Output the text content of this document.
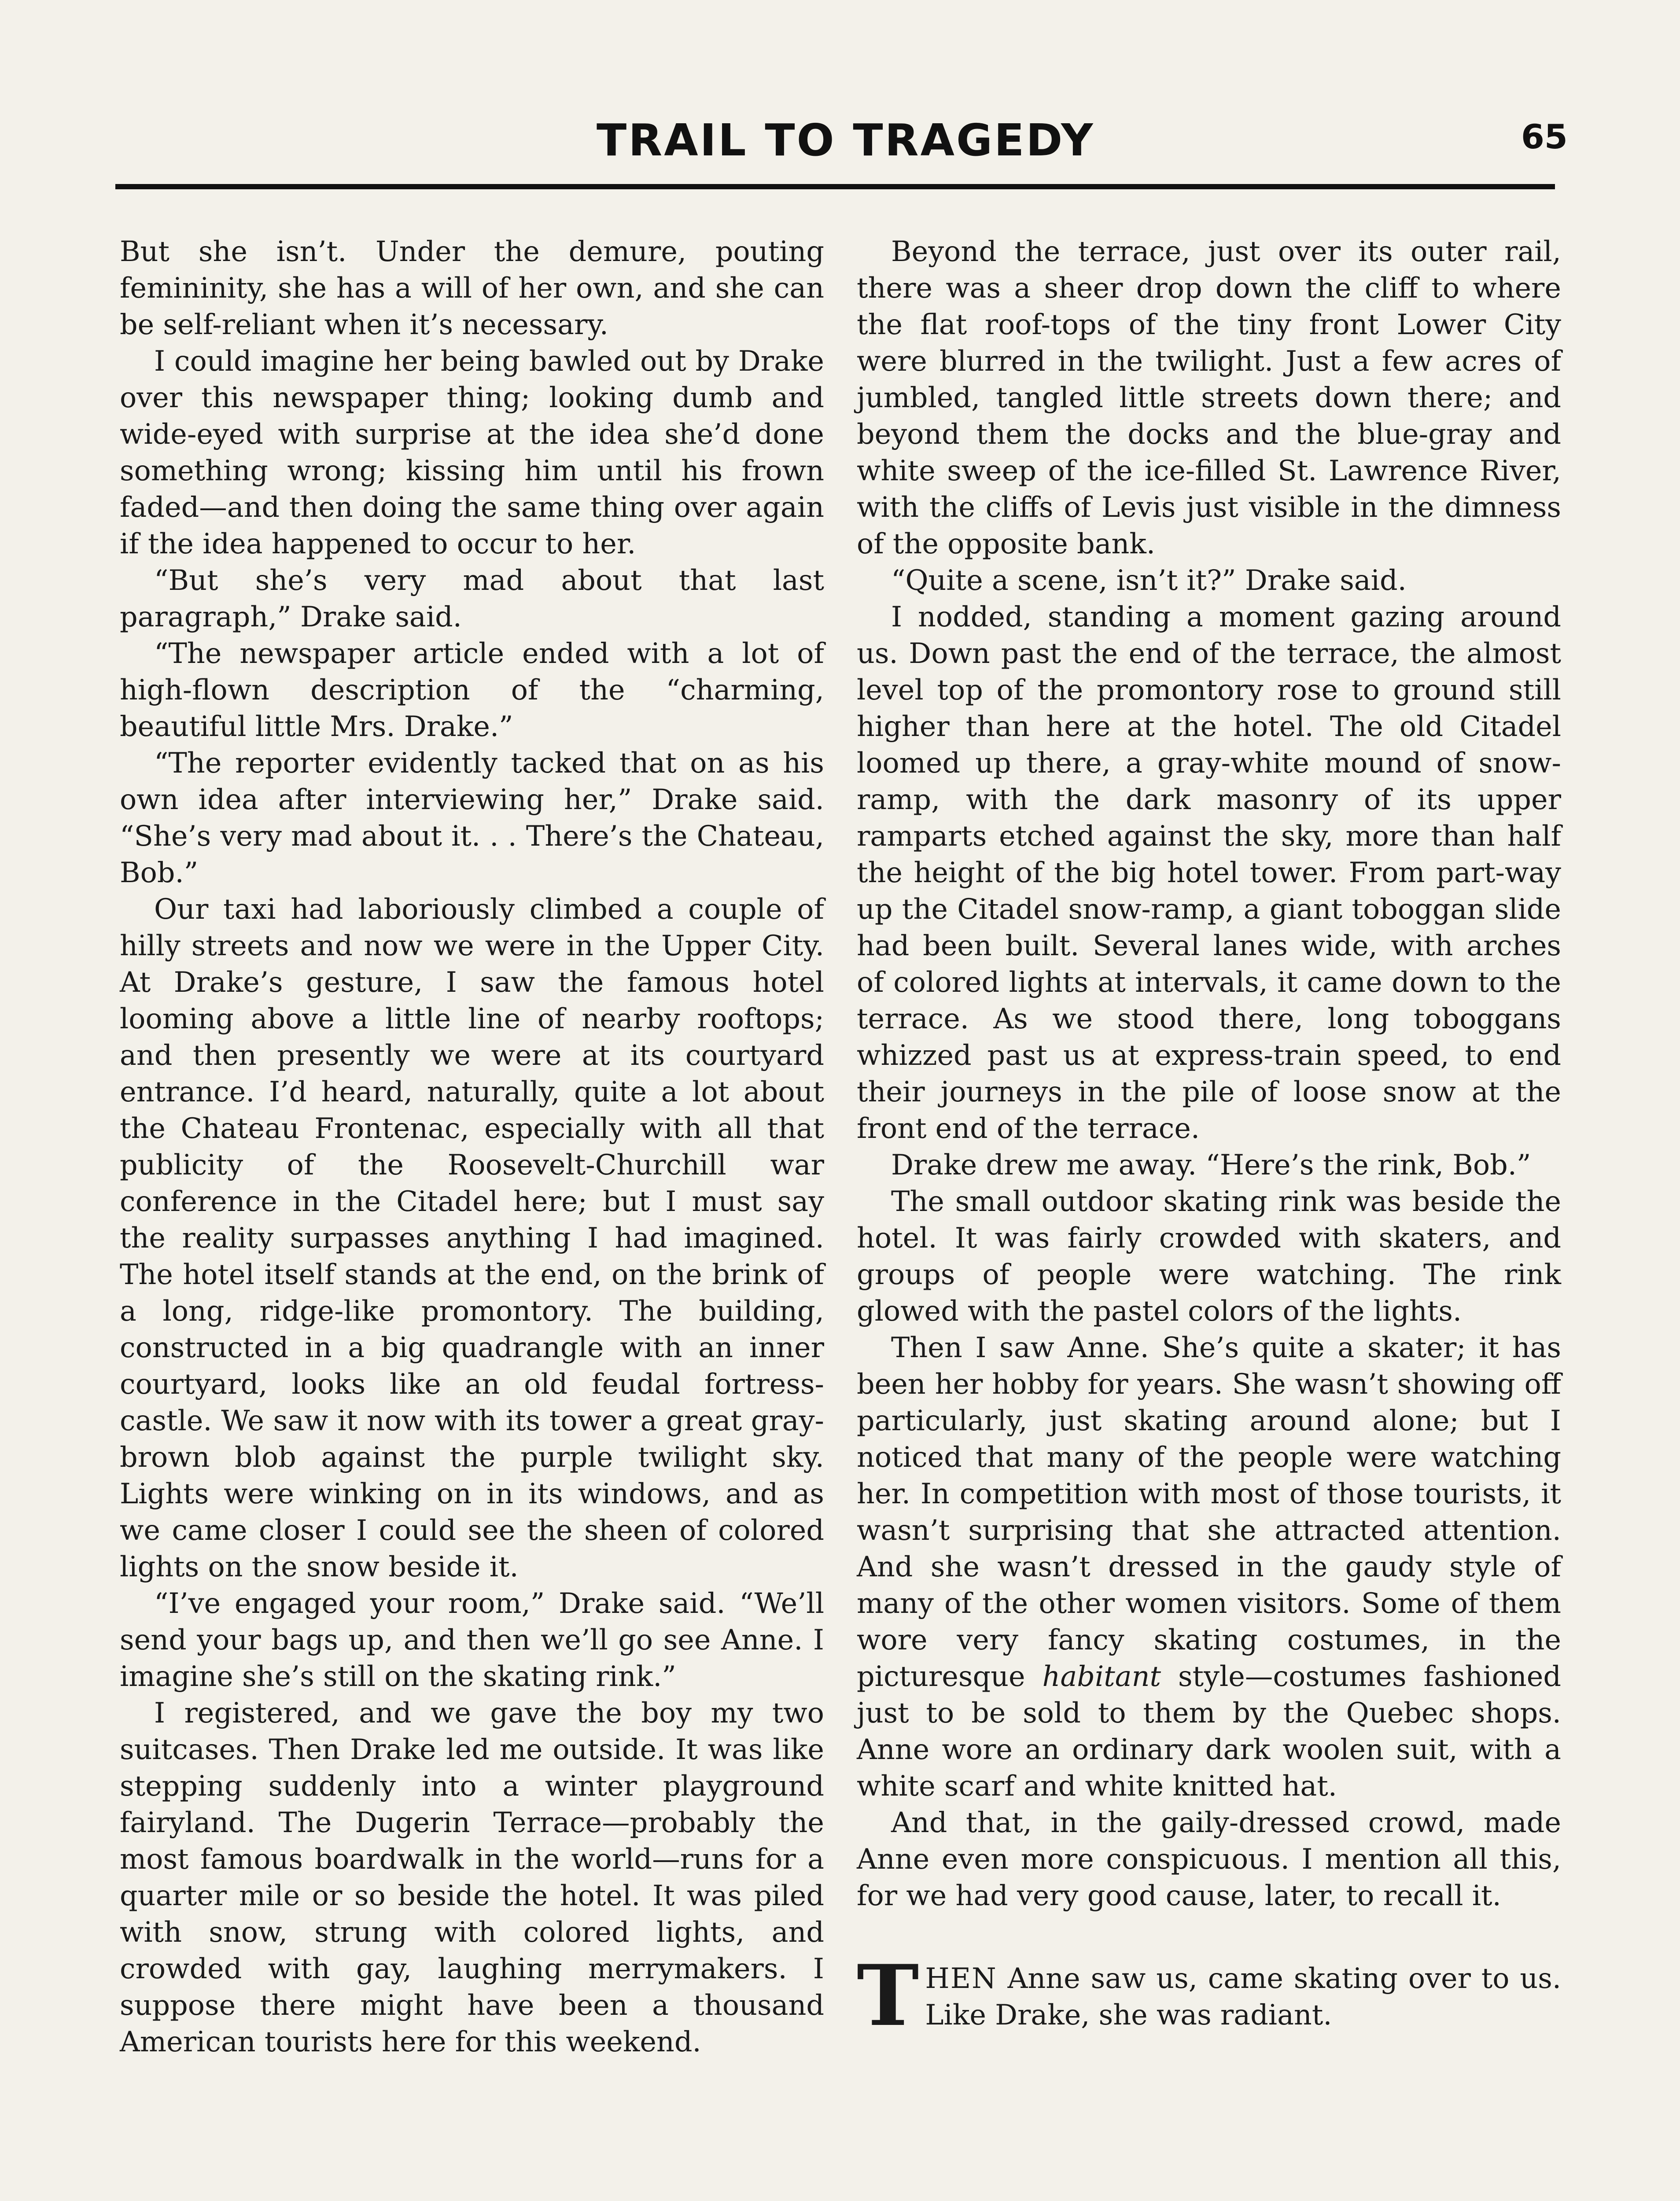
TRAIL TO TRAGEDY	65

But she isn’t. Under the demure, pouting femininity, she has a will of her own, and she can be self-reliant when it’s necessary.

I could imagine her being bawled out by Drake over this newspaper thing; looking dumb and wide-eyed with surprise at the idea she’d done something wrong; kissing him until his frown faded—and then doing the same thing over again if the idea happened to occur to her.

“But she’s very mad about that last paragraph,” Drake said.

“The newspaper article ended with a lot of high-flown description of the “charming, beautiful little Mrs. Drake.”

“The reporter evidently tacked that on as his own idea after interviewing her,” Drake said. “She’s very mad about it. . . There’s the Chateau, Bob.”

Our taxi had laboriously climbed a couple of hilly streets and now we were in the Upper City. At Drake’s gesture, I saw the famous hotel looming above a little line of nearby rooftops; and then presently we were at its courtyard entrance. I’d heard, naturally, quite a lot about the Chateau Frontenac, especially with all that publicity of the Roosevelt-Churchill war conference in the Citadel here; but I must say the reality surpasses anything I had imagined. The hotel itself stands at the end, on the brink of a long, ridge-like promontory. The building, constructed in a big quadrangle with an inner courtyard, looks like an old feudal fortress-castle. We saw it now with its tower a great gray-brown blob against the purple twilight sky. Lights were winking on in its windows, and as we came closer I could see the sheen of colored lights on the snow beside it.

“I’ve engaged your room,” Drake said. “We’ll send your bags up, and then we’ll go see Anne. I imagine she’s still on the skating rink.”

I registered, and we gave the boy my two suitcases. Then Drake led me outside. It was like stepping suddenly into a winter playground fairyland. The Dugerin Terrace—probably the most famous boardwalk in the world—runs for a quarter mile or so beside the hotel. It was piled with snow, strung with colored lights, and crowded with gay, laughing merrymakers. I suppose there might have been a thousand American tourists here for this weekend.

Beyond the terrace, just over its outer rail, there was a sheer drop down the cliff to where the flat roof-tops of the tiny front Lower City were blurred in the twilight. Just a few acres of jumbled, tangled little streets down there; and beyond them the docks and the blue-gray and white sweep of the ice-filled St. Lawrence River, with the cliffs of Levis just visible in the dimness of the opposite bank.

“Quite a scene, isn’t it?” Drake said.

I nodded, standing a moment gazing around us. Down past the end of the terrace, the almost level top of the promontory rose to ground still higher than here at the hotel. The old Citadel loomed up there, a gray-white mound of snow-ramp, with the dark masonry of its upper ramparts etched against the sky, more than half the height of the big hotel tower. From part-way up the Citadel snow-ramp, a giant toboggan slide had been built. Several lanes wide, with arches of colored lights at intervals, it came down to the terrace. As we stood there, long toboggans whizzed past us at express-train speed, to end their journeys in the pile of loose snow at the front end of the terrace.

Drake drew me away. “Here’s the rink, Bob.”

The small outdoor skating rink was beside the hotel. It was fairly crowded with skaters, and groups of people were watching. The rink glowed with the pastel colors of the lights.

Then I saw Anne. She’s quite a skater; it has been her hobby for years. She wasn’t showing off particularly, just skating around alone; but I noticed that many of the people were watching her. In competition with most of those tourists, it wasn’t surprising that she attracted attention. And she wasn’t dressed in the gaudy style of many of the other women visitors. Some of them wore very fancy skating costumes, in the picturesque habitant style—costumes fashioned just to be sold to them by the Quebec shops. Anne wore an ordinary dark woolen suit, with a white scarf and white knitted hat.

And that, in the gaily-dressed crowd, made Anne even more conspicuous. I mention all this, for we had very good cause, later, to recall it.

THEN Anne saw us, came skating over to us. Like Drake, she was radiant.
